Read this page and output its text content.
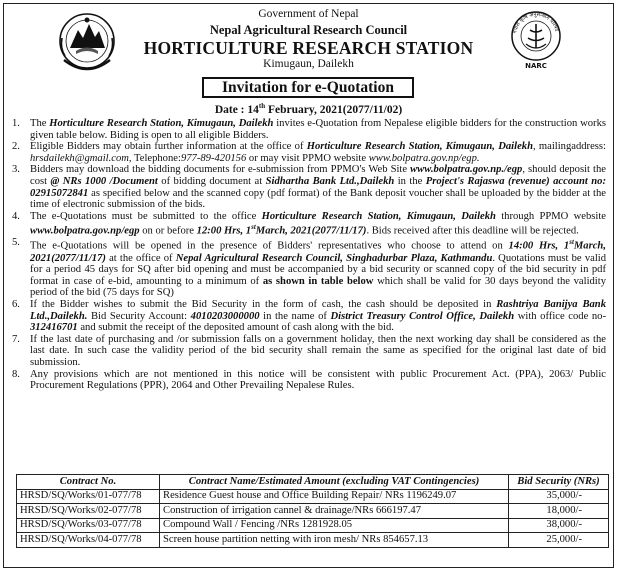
Government of Nepal
Nepal Agricultural Research Council
HORTICULTURE RESEARCH STATION
Kimugaun, Dailekh
Invitation for e-Quotation
Date : 14th February, 2021(2077/11/02)
नेपाल कृषि अनुसन्धान परिषद
NARC
1. The Horticulture Research Station, Kimugaun, Dailekh invites e-Quotation from Nepalese eligible bidders for the construction works given table below. Biding is open to all eligible Bidders.
2. Eligible Bidders may obtain further information at the office of Horticulture Research Station, Kimugaun, Dailekh, mailingaddress: hrsdailekh@gmail.com, Telephone:977-89-420156 or may visit PPMO website www.bolpatra.gov.np/egp.
3. Bidders may download the bidding documents for e-submission from PPMO's Web Site www.bolpatra.gov.np./egp, should deposit the cost @ NRs 1000 /Document of bidding document at Sidhartha Bank Ltd.,Dailekh in the Project's Rajaswa (revenue) account no: 02915072841 as specified below and the scanned copy (pdf format) of the Bank deposit voucher shall be uploaded by the bidder at the time of electronic submission of the bids.
4. The e-Quotations must be submitted to the office Horticulture Research Station, Kimugaun, Dailekh through PPMO website www.bolpatra.gov.np/egp on or before 12:00 Hrs, 1stMarch, 2021(2077/11/17). Bids received after this deadline will be rejected.
5. The e-Quotations will be opened in the presence of Bidders' representatives who choose to attend on 14:00 Hrs, 1stMarch, 2021(2077/11/17) at the office of Nepal Agricultural Research Council, Singhadurbar Plaza, Kathmandu. Quotations must be valid for a period 45 days for SQ after bid opening and must be accompanied by a bid security or scanned copy of the bid security in pdf format in case of e-bid, amounting to a minimum of as shown in table below which shall be valid for 30 days beyond the validity period of the bid (75 days for SQ)
6. If the Bidder wishes to submit the Bid Security in the form of cash, the cash should be deposited in Rashtriya Banijya Bank Ltd.,Dailekh. Bid Security Account: 4010203000000 in the name of District Treasury Control Office, Dailekh with office code no-312416701 and submit the receipt of the deposited amount of cash along with the bid.
7. If the last date of purchasing and /or submission falls on a government holiday, then the next working day shall be considered as the last date. In such case the validity period of the bid security shall remain the same as specified for the original last date of bid submission.
8. Any provisions which are not mentioned in this notice will be consistent with public Procurement Act. (PPA), 2063/ Public Procurement Regulations (PPR), 2064 and Other Prevailing Nepalese Rules.
Contract No.	Contract Name/Estimated Amount (excluding VAT Contingencies)	Bid Security (NRs)
HRSD/SQ/Works/01-077/78	Residence Guest house and Office Building Repair/ NRs 1196249.07	35,000/-
HRSD/SQ/Works/02-077/78	Construction of irrigation cannel & drainage/NRs 666197.47	18,000/-
HRSD/SQ/Works/03-077/78	Compound Wall / Fencing /NRs 1281928.05	38,000/-
HRSD/SQ/Works/04-077/78	Screen house partition netting with iron mesh/ NRs 854657.13	25,000/-
